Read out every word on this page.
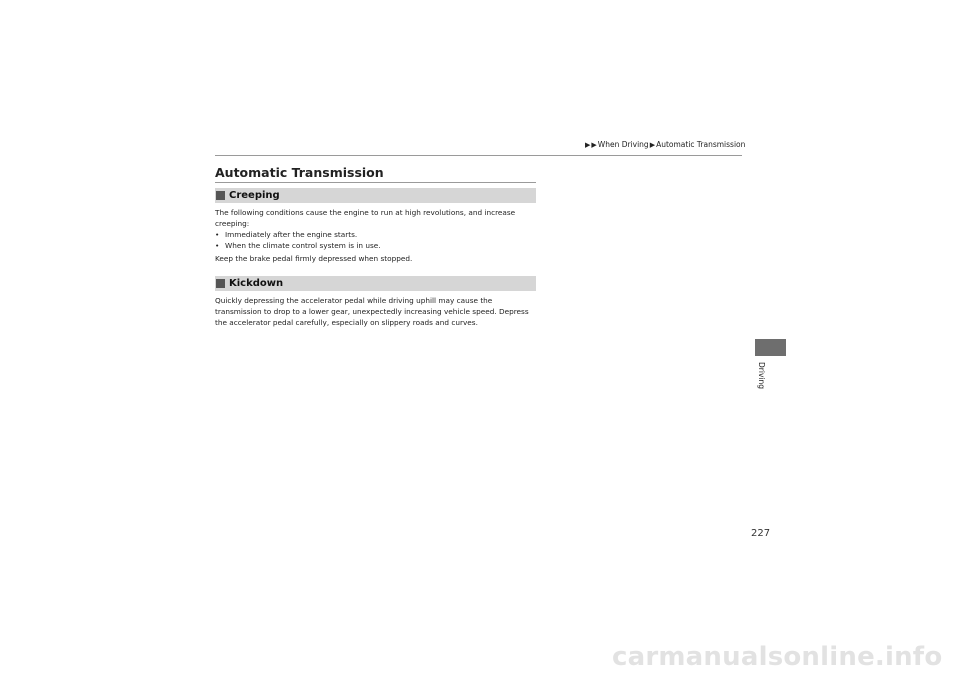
▶ ▶ When Driving ▶ Automatic Transmission
Automatic Transmission
Creeping

The following conditions cause the engine to run at high revolutions, and increase

creeping:

• Immediately after the engine starts.
• When the climate control system is in use.

Keep the brake pedal firmly depressed when stopped.

Kickdown

Quickly depressing the accelerator pedal while driving uphill may cause the

transmission to drop to a lower gear, unexpectedly increasing vehicle speed. Depress

the accelerator pedal carefully, especially on slippery roads and curves.

Driving
227
carmanualsonline.info
